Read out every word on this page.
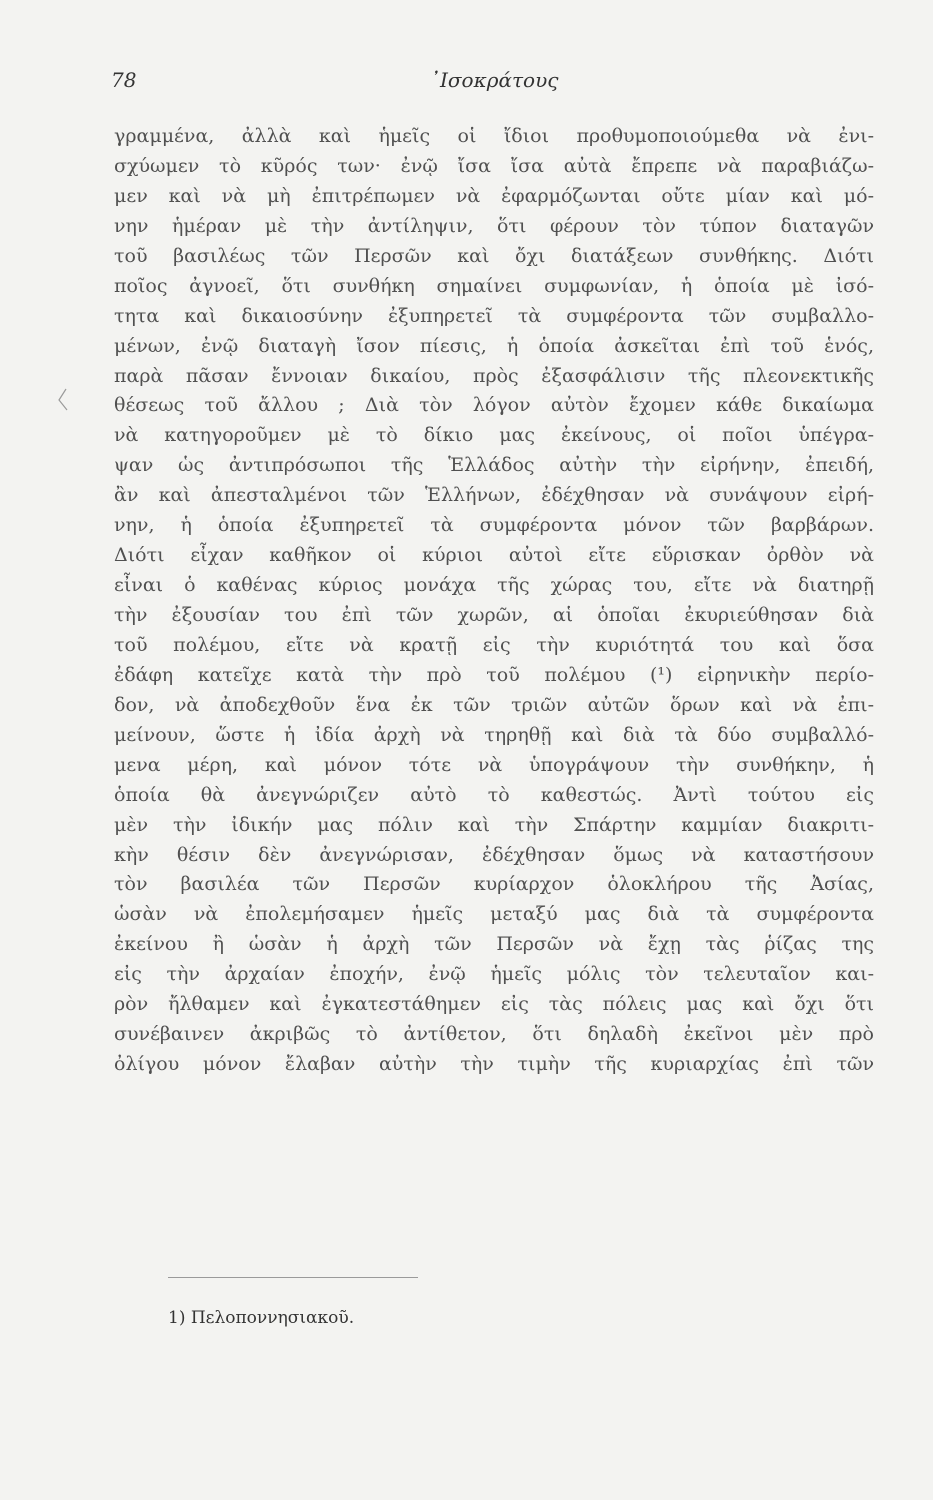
78	᾿Ισοκράτους
γραμμένα, ἀλλὰ καὶ ἡμεῖς οἱ ἴδιοι προθυμοποιούμεθα νὰ ἐνι-
σχύωμεν τὸ κῦρός των· ἐνῷ ἴσα ἴσα αὐτὰ ἔπρεπε νὰ παραβιάζω-
μεν καὶ νὰ μὴ ἐπιτρέπωμεν νὰ ἐφαρμόζωνται οὔτε μίαν καὶ μό-
νην ἡμέραν μὲ τὴν ἀντίληψιν, ὅτι φέρουν τὸν τύπον διαταγῶν
τοῦ βασιλέως τῶν Περσῶν καὶ ὄχι διατάξεων συνθήκης. Διότι
ποῖος ἀγνοεῖ, ὅτι συνθήκη σημαίνει συμφωνίαν, ἡ ὁποία μὲ ἰσό-
τητα καὶ δικαιοσύνην ἐξυπηρετεῖ τὰ συμφέροντα τῶν συμβαλλο-
μένων, ἐνῷ διαταγὴ ἴσον πίεσις, ἡ ὁποία ἀσκεῖται ἐπὶ τοῦ ἑνός,
παρὰ πᾶσαν ἔννοιαν δικαίου, πρὸς ἐξασφάλισιν τῆς πλεονεκτικῆς
θέσεως τοῦ ἄλλου ; Διὰ τὸν λόγον αὐτὸν ἔχομεν κάθε δικαίωμα
νὰ κατηγοροῦμεν μὲ τὸ δίκιο μας ἐκείνους, οἱ ποῖοι ὑπέγρα-
ψαν ὡς ἀντιπρόσωποι τῆς Ἑλλάδος αὐτὴν τὴν εἰρήνην, ἐπειδή,
ἂν καὶ ἀπεσταλμένοι τῶν Ἑλλήνων, ἐδέχθησαν νὰ συνάψουν εἰρή-
νην, ἡ ὁποία ἐξυπηρετεῖ τὰ συμφέροντα μόνον τῶν βαρβάρων.
Διότι εἶχαν καθῆκον οἱ κύριοι αὐτοὶ εἴτε εὕρισκαν ὀρθὸν νὰ
εἶναι ὁ καθένας κύριος μονάχα τῆς χώρας του, εἴτε νὰ διατηρῇ
τὴν ἐξουσίαν του ἐπὶ τῶν χωρῶν, αἱ ὁποῖαι ἐκυριεύθησαν διὰ
τοῦ πολέμου, εἴτε νὰ κρατῇ εἰς τὴν κυριότητά του καὶ ὅσα
ἐδάφη κατεῖχε κατὰ τὴν πρὸ τοῦ πολέμου (¹) εἰρηνικὴν περίο-
δον, νὰ ἀποδεχθοῦν ἕνα ἐκ τῶν τριῶν αὐτῶν ὅρων καὶ νὰ ἐπι-
μείνουν, ὥστε ἡ ἰδία ἀρχὴ νὰ τηρηθῇ καὶ διὰ τὰ δύο συμβαλλό-
μενα μέρη, καὶ μόνον τότε νὰ ὑπογράψουν τὴν συνθήκην, ἡ
ὁποία θὰ ἀνεγνώριζεν αὐτὸ τὸ καθεστώς. Ἀντὶ τούτου εἰς
μὲν τὴν ἰδικήν μας πόλιν καὶ τὴν Σπάρτην καμμίαν διακριτι-
κὴν θέσιν δὲν ἀνεγνώρισαν, ἐδέχθησαν ὅμως νὰ καταστήσουν
τὸν βασιλέα τῶν Περσῶν κυρίαρχον ὁλοκλήρου τῆς Ἀσίας,
ὡσὰν νὰ ἐπολεμήσαμεν ἡμεῖς μεταξύ μας διὰ τὰ συμφέροντα
ἐκείνου ἢ ὡσὰν ἡ ἀρχὴ τῶν Περσῶν νὰ ἔχῃ τὰς ῥίζας της
εἰς τὴν ἀρχαίαν ἐποχήν, ἐνῷ ἡμεῖς μόλις τὸν τελευταῖον και-
ρὸν ἤλθαμεν καὶ ἐγκατεστάθημεν εἰς τὰς πόλεις μας καὶ ὄχι ὅτι
συνέβαινεν ἀκριβῶς τὸ ἀντίθετον, ὅτι δηλαδὴ ἐκεῖνοι μὲν πρὸ
ὀλίγου μόνον ἔλαβαν αὐτὴν τὴν τιμὴν τῆς κυριαρχίας ἐπὶ τῶν
1) Πελοποννησιακοῦ.
